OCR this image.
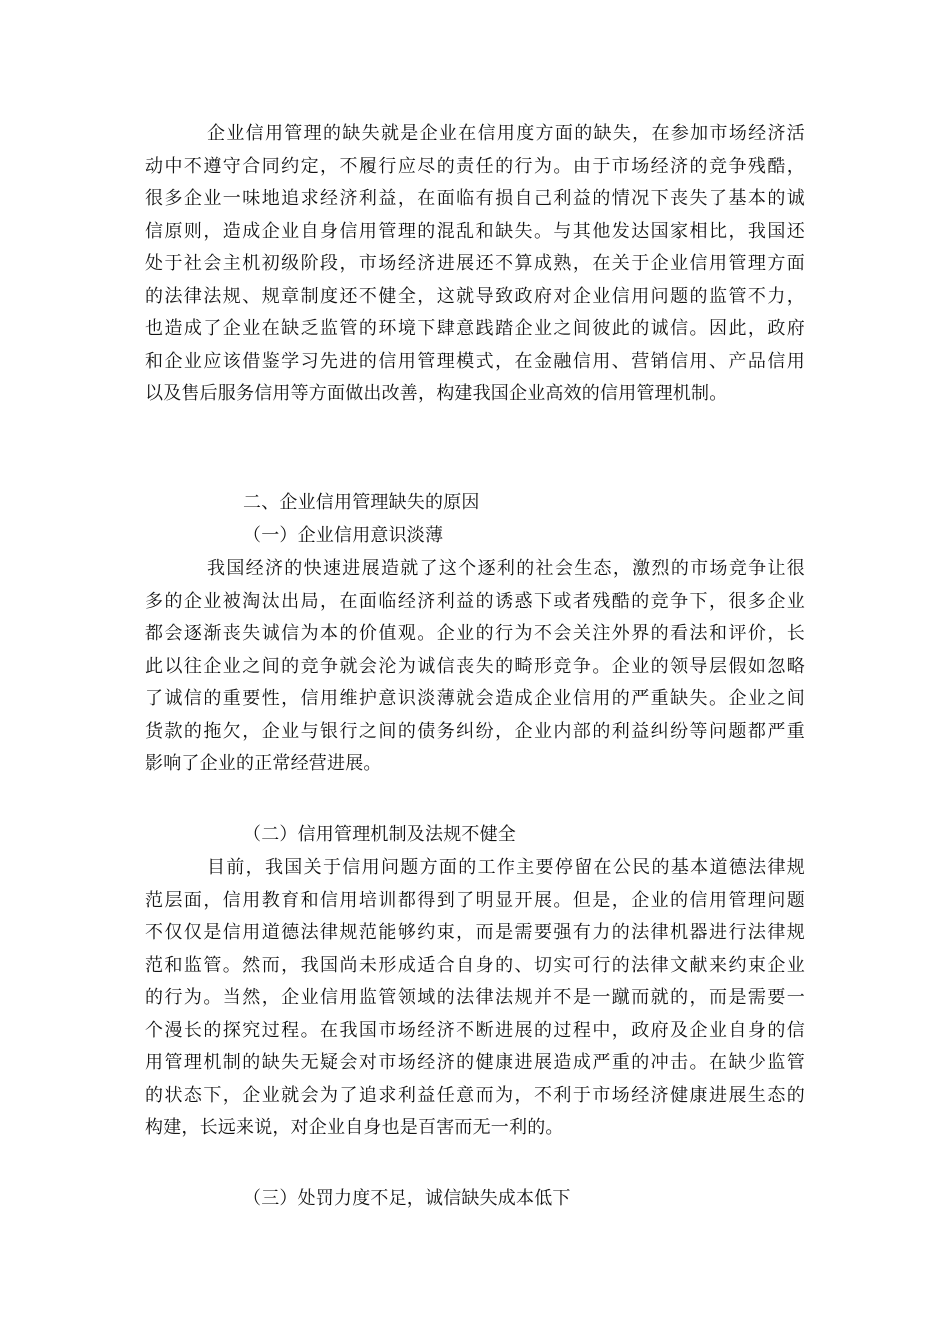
企业信用管理的缺失就是企业在信用度方面的缺失，在参加市场经济活
动中不遵守合同约定，不履行应尽的责任的行为。由于市场经济的竞争残酷，
很多企业一味地追求经济利益，在面临有损自己利益的情况下丧失了基本的诚
信原则，造成企业自身信用管理的混乱和缺失。与其他发达国家相比，我国还
处于社会主机初级阶段，市场经济进展还不算成熟，在关于企业信用管理方面
的法律法规、规章制度还不健全，这就导致政府对企业信用问题的监管不力，
也造成了企业在缺乏监管的环境下肆意践踏企业之间彼此的诚信。因此，政府
和企业应该借鉴学习先进的信用管理模式，在金融信用、营销信用、产品信用
以及售后服务信用等方面做出改善，构建我国企业高效的信用管理机制。

二、企业信用管理缺失的原因
（一）企业信用意识淡薄

我国经济的快速进展造就了这个逐利的社会生态，激烈的市场竞争让很
多的企业被淘汰出局，在面临经济利益的诱惑下或者残酷的竞争下，很多企业
都会逐渐丧失诚信为本的价值观。企业的行为不会关注外界的看法和评价，长
此以往企业之间的竞争就会沦为诚信丧失的畸形竞争。企业的领导层假如忽略
了诚信的重要性，信用维护意识淡薄就会造成企业信用的严重缺失。企业之间
货款的拖欠，企业与银行之间的债务纠纷，企业内部的利益纠纷等问题都严重
影响了企业的正常经营进展。

（二）信用管理机制及法规不健全

目前，我国关于信用问题方面的工作主要停留在公民的基本道德法律规
范层面，信用教育和信用培训都得到了明显开展。但是，企业的信用管理问题
不仅仅是信用道德法律规范能够约束，而是需要强有力的法律机器进行法律规
范和监管。然而，我国尚未形成适合自身的、切实可行的法律文献来约束企业
的行为。当然，企业信用监管领域的法律法规并不是一蹴而就的，而是需要一
个漫长的探究过程。在我国市场经济不断进展的过程中，政府及企业自身的信
用管理机制的缺失无疑会对市场经济的健康进展造成严重的冲击。在缺少监管
的状态下，企业就会为了追求利益任意而为，不利于市场经济健康进展生态的
构建，长远来说，对企业自身也是百害而无一利的。

（三）处罚力度不足，诚信缺失成本低下
